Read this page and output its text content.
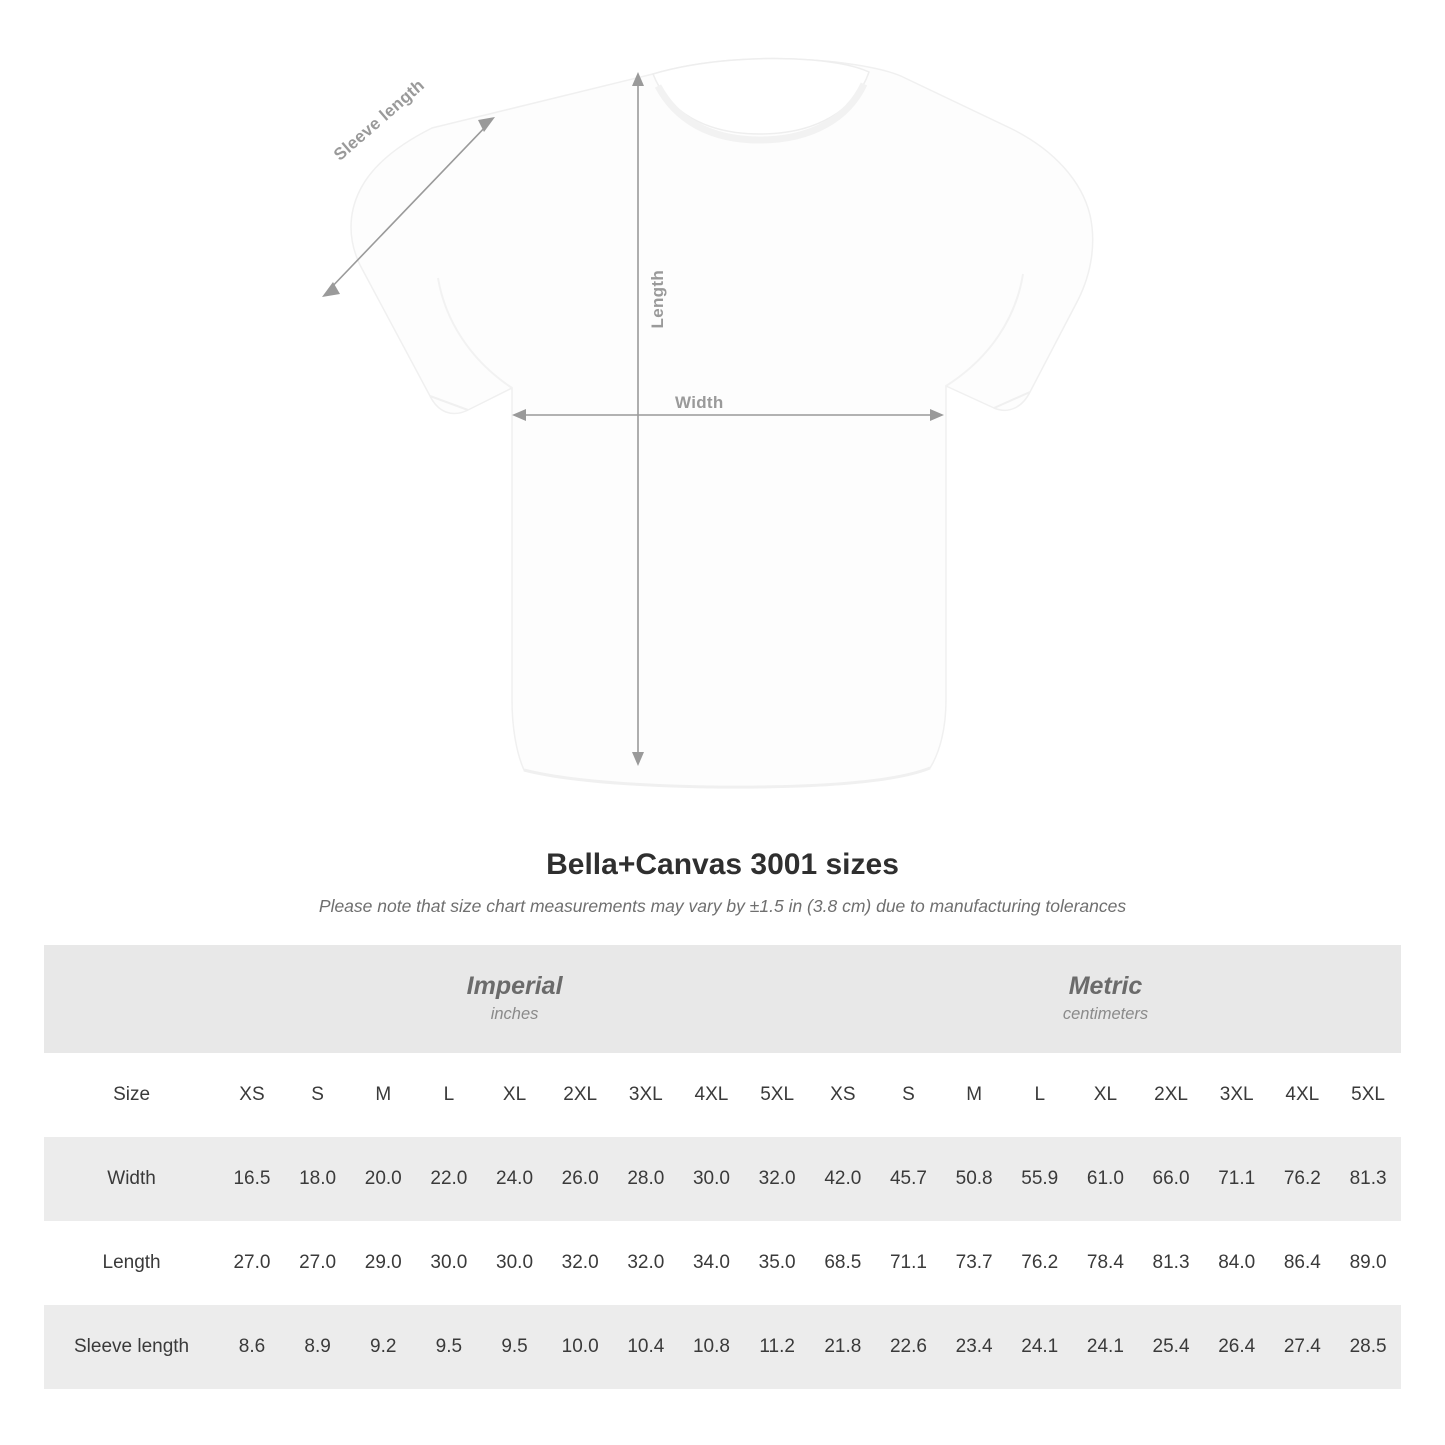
Length
Width
Sleeve length
Bella+Canvas 3001 sizes

Please note that size chart measurements may vary by ±1.5 in (3.8 cm) due to manufacturing tolerances

Imperial
inches

Metric
centimeters

Size	XS	S	M	L	XL	2XL	3XL	4XL	5XL	XS	S	M	L	XL	2XL	3XL	4XL	5XL
Width	16.5	18.0	20.0	22.0	24.0	26.0	28.0	30.0	32.0	42.0	45.7	50.8	55.9	61.0	66.0	71.1	76.2	81.3
Length	27.0	27.0	29.0	30.0	30.0	32.0	32.0	34.0	35.0	68.5	71.1	73.7	76.2	78.4	81.3	84.0	86.4	89.0
Sleeve length	8.6	8.9	9.2	9.5	9.5	10.0	10.4	10.8	11.2	21.8	22.6	23.4	24.1	24.1	25.4	26.4	27.4	28.5
